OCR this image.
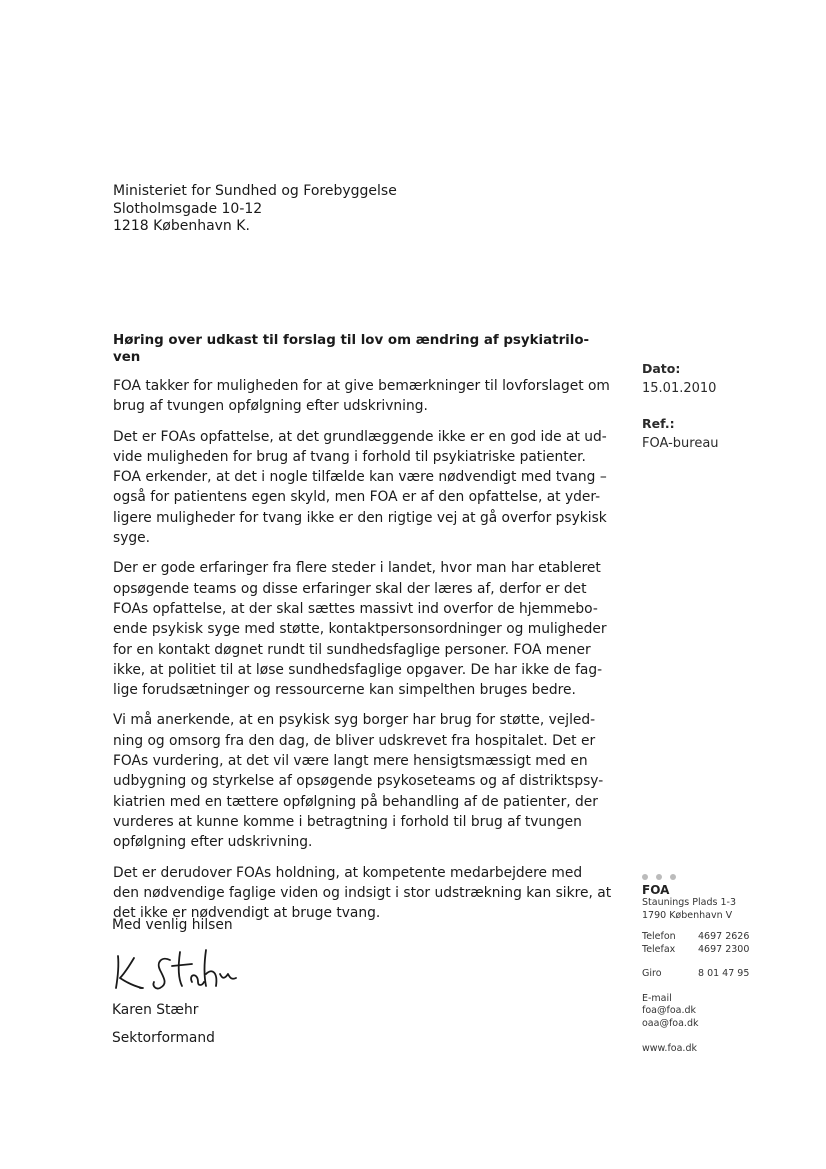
Ministeriet for Sundhed og Forebyggelse
Slotholmsgade 10-12
1218 København K.
Høring over udkast til forslag til lov om ændring af psykiatrilo-
ven
FOA takker for muligheden for at give bemærkninger til lovforslaget om
brug af tvungen opfølgning efter udskrivning.
Det er FOAs opfattelse, at det grundlæggende ikke er en god ide at ud-
vide muligheden for brug af tvang i forhold til psykiatriske patienter.
FOA erkender, at det i nogle tilfælde kan være nødvendigt med tvang –
også for patientens egen skyld, men FOA er af den opfattelse, at yder-
ligere muligheder for tvang ikke er den rigtige vej at gå overfor psykisk
syge.
Der er gode erfaringer fra flere steder i landet, hvor man har etableret
opsøgende teams og disse erfaringer skal der læres af, derfor er det
FOAs opfattelse, at der skal sættes massivt ind overfor de hjemmebo-
ende psykisk syge med støtte, kontaktpersonsordninger og muligheder
for en kontakt døgnet rundt til sundhedsfaglige personer. FOA mener
ikke, at politiet til at løse sundhedsfaglige opgaver. De har ikke de fag-
lige forudsætninger og ressourcerne kan simpelthen bruges bedre.
Vi må anerkende, at en psykisk syg borger har brug for støtte, vejled-
ning og omsorg fra den dag, de bliver udskrevet fra hospitalet. Det er
FOAs vurdering, at det vil være langt mere hensigtsmæssigt med en
udbygning og styrkelse af opsøgende psykoseteams og af distriktspsy-
kiatrien med en tættere opfølgning på behandling af de patienter, der
vurderes at kunne komme i betragtning i forhold til brug af tvungen
opfølgning efter udskrivning.
Det er derudover FOAs holdning, at kompetente medarbejdere med
den nødvendige faglige viden og indsigt i stor udstrækning kan sikre, at
det ikke er nødvendigt at bruge tvang.
Med venlig hilsen
Karen Stæhr
Sektorformand
Dato:
15.01.2010
Ref.:
FOA-bureau
FOA
Staunings Plads 1-3
1790 København V
Telefon	4697 2626
Telefax	4697 2300
Giro	8 01 47 95
E-mail
foa@foa.dk
oaa@foa.dk
www.foa.dk
